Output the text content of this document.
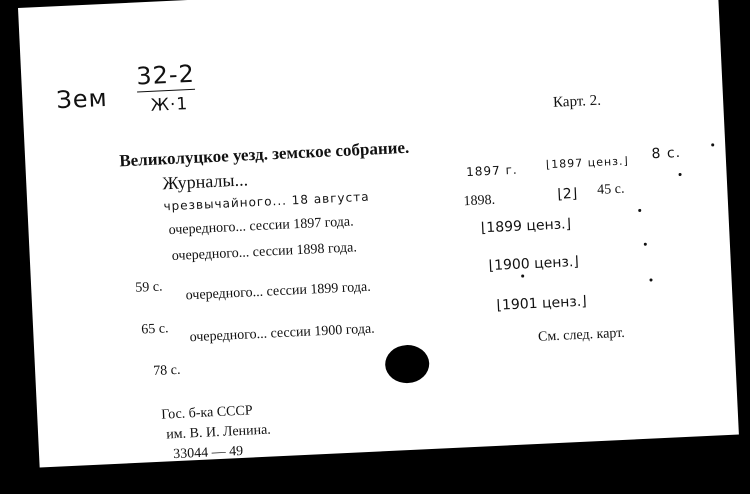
Зем
32-2
Ж·1	Карт. 2.
Великолуцкое уезд. земское собрание.
Журналы...
чрезвычайного... 18 августа
1897 г.	⌊1897 ценз.⌋ 8 с.
очередного... сессии 1897 года.
1898.	⌊2⌋ 45 с.
очередного... сессии 1898 года.
⌊1899 ценз.⌋
59 с. очередного... сессии 1899 года.
⌊1900 ценз.⌋
65 с. очередного... сессии 1900 года.
⌊1901 ценз.⌋
78 с.
См. след. карт.
Гос. б-ка СССР
им. В. И. Ленина.
33044 — 49
